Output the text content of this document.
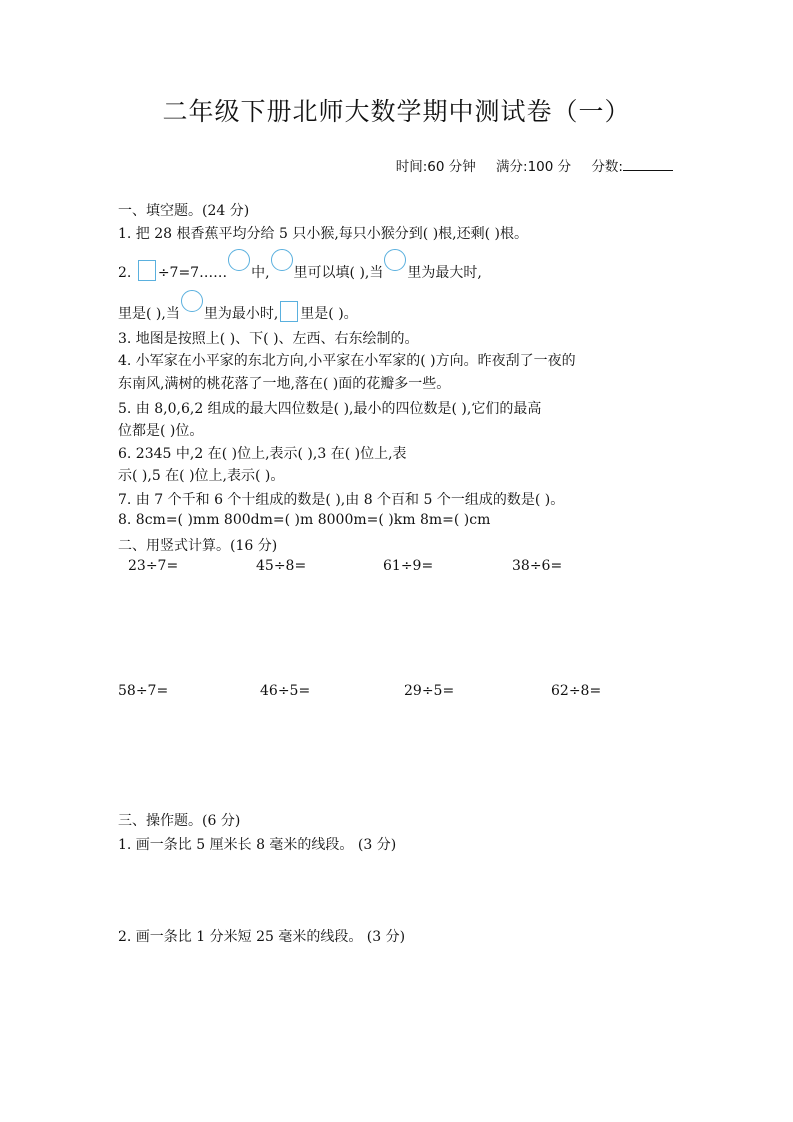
二年级下册北师大数学期中测试卷（一）
时间:60 分钟 满分:100 分 分数:
一、填空题。(24 分)
1. 把 28 根香蕉平均分给 5 只小猴,每只小猴分到( )根,还剩( )根。
2. ÷7=7…… 中, 里可以填( ),当 里为最大时,
里是( ),当 里为最小时, 里是( )。
3. 地图是按照上( )、下( )、左西、右东绘制的。
4. 小军家在小平家的东北方向,小平家在小军家的( )方向。昨夜刮了一夜的
东南风,满树的桃花落了一地,落在( )面的花瓣多一些。
5. 由 8,0,6,2 组成的最大四位数是( ),最小的四位数是( ),它们的最高
位都是( )位。
6. 2345 中,2 在( )位上,表示( ),3 在( )位上,表
示( ),5 在( )位上,表示( )。
7. 由 7 个千和 6 个十组成的数是( ),由 8 个百和 5 个一组成的数是( )。
8. 8cm=( )mm 800dm=( )m 8000m=( )km 8m=( )cm
二、用竖式计算。(16 分)
23÷7=	45÷8=	61÷9=	38÷6=
58÷7=	46÷5=	29÷5=	62÷8=
三、操作题。(6 分)
1. 画一条比 5 厘米长 8 毫米的线段。 (3 分)
2. 画一条比 1 分米短 25 毫米的线段。 (3 分)
